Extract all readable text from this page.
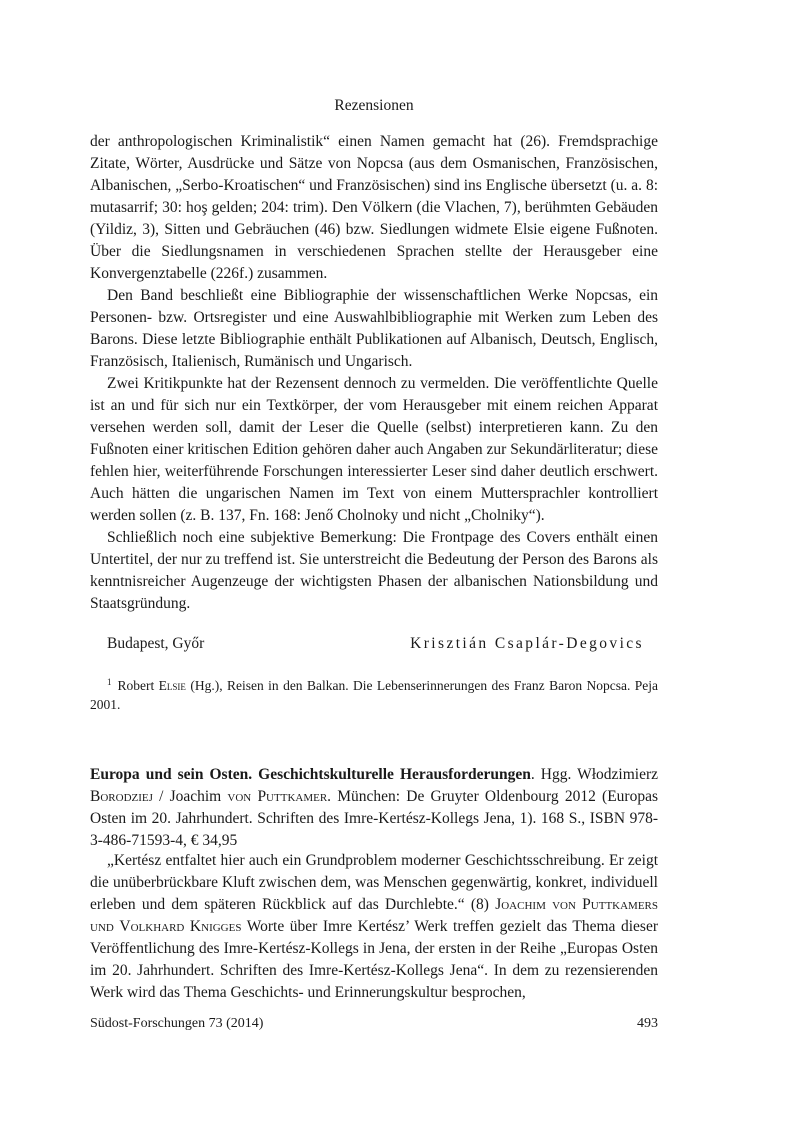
Rezensionen

der anthropologischen Kriminalistik“ einen Namen gemacht hat (26). Fremdsprachige Zitate, Wörter, Ausdrücke und Sätze von Nopcsa (aus dem Osmanischen, Französischen, Albanischen, „Serbo-Kroatischen“ und Französischen) sind ins Englische übersetzt (u. a. 8: mutasarrif; 30: hoş gelden; 204: trim). Den Völkern (die Vlachen, 7), berühmten Gebäuden (Yildiz, 3), Sitten und Gebräuchen (46) bzw. Siedlungen widmete Elsie eigene Fußnoten. Über die Siedlungsnamen in verschiedenen Sprachen stellte der Herausgeber eine Konvergenztabelle (226f.) zusammen.

Den Band beschließt eine Bibliographie der wissenschaftlichen Werke Nopcsas, ein Personen- bzw. Ortsregister und eine Auswahlbibliographie mit Werken zum Leben des Barons. Diese letzte Bibliographie enthält Publikationen auf Albanisch, Deutsch, Englisch, Französisch, Italienisch, Rumänisch und Ungarisch.

Zwei Kritikpunkte hat der Rezensent dennoch zu vermelden. Die veröffentlichte Quelle ist an und für sich nur ein Textkörper, der vom Herausgeber mit einem reichen Apparat versehen werden soll, damit der Leser die Quelle (selbst) interpretieren kann. Zu den Fußnoten einer kritischen Edition gehören daher auch Angaben zur Sekundärliteratur; diese fehlen hier, weiterführende Forschungen interessierter Leser sind daher deutlich erschwert. Auch hätten die ungarischen Namen im Text von einem Muttersprachler kontrolliert werden sollen (z. B. 137, Fn. 168: Jenő Cholnoky und nicht „Cholniky“).

Schließlich noch eine subjektive Bemerkung: Die Frontpage des Covers enthält einen Untertitel, der nur zu treffend ist. Sie unterstreicht die Bedeutung der Person des Barons als kenntnisreicher Augenzeuge der wichtigsten Phasen der albanischen Nationsbildung und Staatsgründung.

Budapest, Győr	Krisztián Csaplár-Degovics

$^1$ Robert Elsie (Hg.), Reisen in den Balkan. Die Lebenserinnerungen des Franz Baron Nopcsa. Peja 2001.

Europa und sein Osten. Geschichtskulturelle Herausforderungen. Hgg. Włodzimierz Borodziej / Joachim von Puttkamer. München: De Gruyter Oldenbourg 2012 (Europas Osten im 20. Jahrhundert. Schriften des Imre-Kertész-Kollegs Jena, 1). 168 S., ISBN 978-3-486-71593-4, € 34,95

„Kertész entfaltet hier auch ein Grundproblem moderner Geschichtsschreibung. Er zeigt die unüberbrückbare Kluft zwischen dem, was Menschen gegenwärtig, konkret, individuell erleben und dem späteren Rückblick auf das Durchlebte.“ (8) Joachim von Puttkamers und Volkhard Knigges Worte über Imre Kertész’ Werk treffen gezielt das Thema dieser Veröffentlichung des Imre-Kertész-Kollegs in Jena, der ersten in der Reihe „Europas Osten im 20. Jahrhundert. Schriften des Imre-Kertész-Kollegs Jena“. In dem zu rezensierenden Werk wird das Thema Geschichts- und Erinnerungskultur besprochen,

Südost-Forschungen 73 (2014)	493
